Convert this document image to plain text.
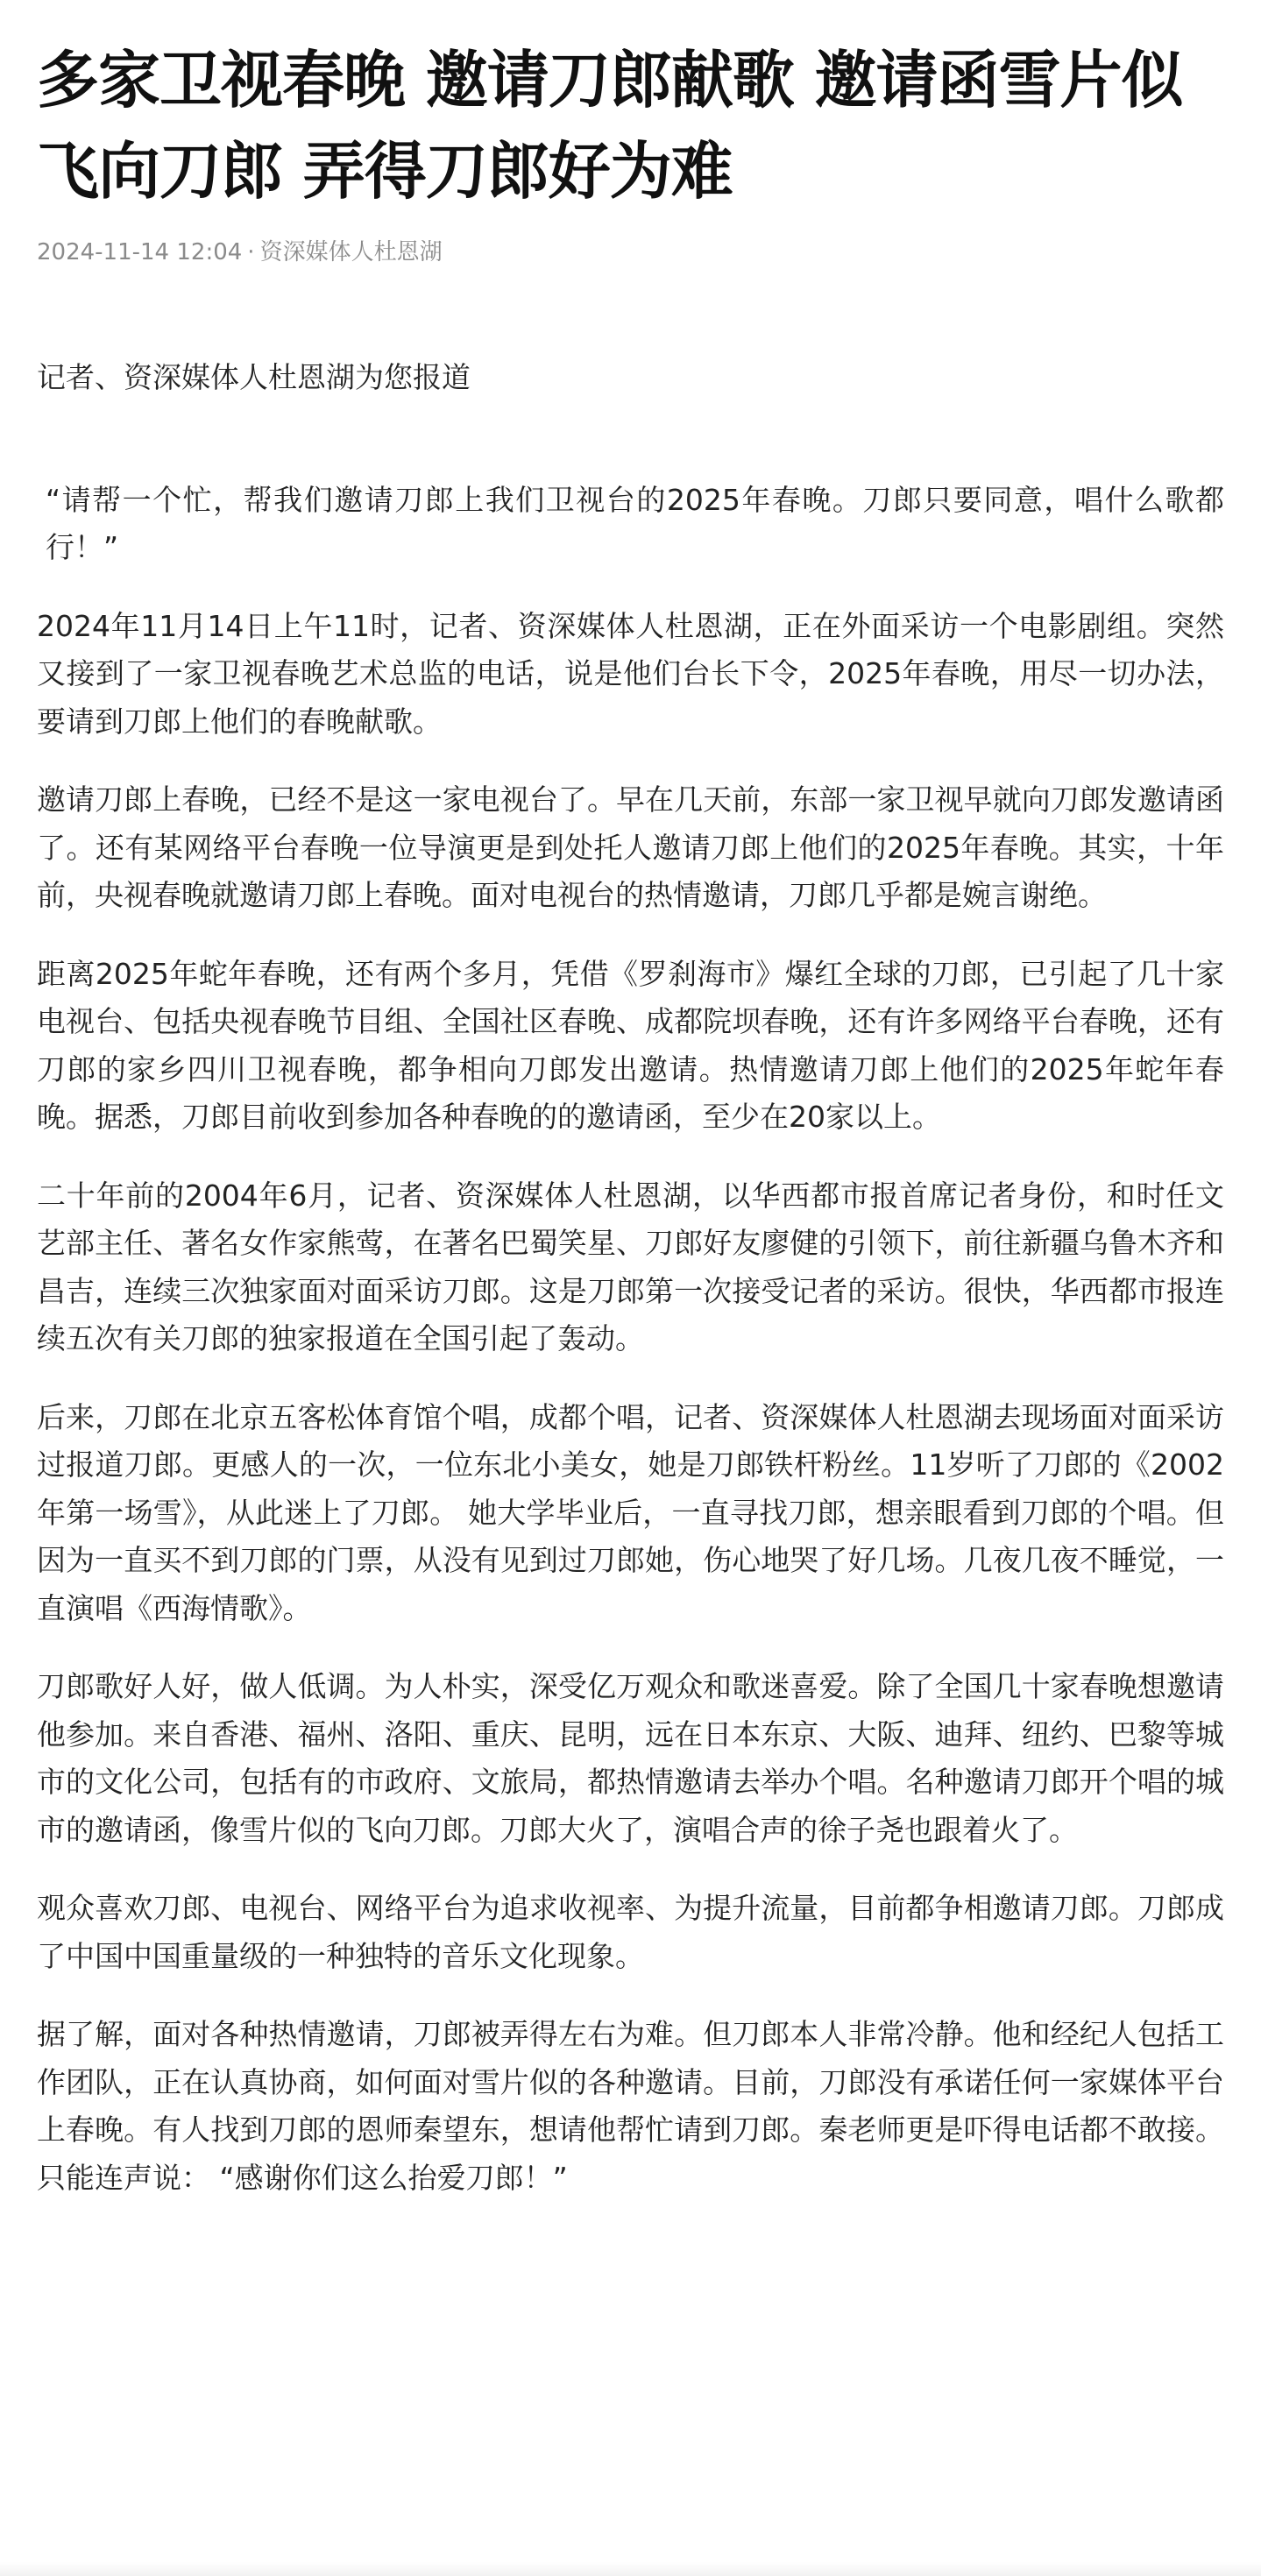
多家卫视春晚 邀请刀郎献歌 邀请函雪片似飞向刀郎 弄得刀郎好为难
2024-11-14 12:04 · 资深媒体人杜恩湖

记者、资深媒体人杜恩湖为您报道

“请帮一个忙，帮我们邀请刀郎上我们卫视台的2025年春晚。刀郎只要同意，唱什么歌都行！”

2024年11月14日上午11时，记者、资深媒体人杜恩湖，正在外面采访一个电影剧组。突然又接到了一家卫视春晚艺术总监的电话，说是他们台长下令，2025年春晚，用尽一切办法，要请到刀郎上他们的春晚献歌。

邀请刀郎上春晚，已经不是这一家电视台了。早在几天前，东部一家卫视早就向刀郎发邀请函了。还有某网络平台春晚一位导演更是到处托人邀请刀郎上他们的2025年春晚。其实，十年前，央视春晚就邀请刀郎上春晚。面对电视台的热情邀请，刀郎几乎都是婉言谢绝。

距离2025年蛇年春晚，还有两个多月，凭借《罗刹海市》爆红全球的刀郎，已引起了几十家电视台、包括央视春晚节目组、全国社区春晚、成都院坝春晚，还有许多网络平台春晚，还有刀郎的家乡四川卫视春晚，都争相向刀郎发出邀请。热情邀请刀郎上他们的2025年蛇年春晚。据悉，刀郎目前收到参加各种春晚的的邀请函，至少在20家以上。

二十年前的2004年6月，记者、资深媒体人杜恩湖，以华西都市报首席记者身份，和时任文艺部主任、著名女作家熊莺，在著名巴蜀笑星、刀郎好友廖健的引领下，前往新疆乌鲁木齐和昌吉，连续三次独家面对面采访刀郎。这是刀郎第一次接受记者的采访。很快，华西都市报连续五次有关刀郎的独家报道在全国引起了轰动。

后来，刀郎在北京五客松体育馆个唱，成都个唱，记者、资深媒体人杜恩湖去现场面对面采访过报道刀郎。更感人的一次，一位东北小美女，她是刀郎铁杆粉丝。11岁听了刀郎的《2002年第一场雪》，从此迷上了刀郎。 她大学毕业后，一直寻找刀郎，想亲眼看到刀郎的个唱。但因为一直买不到刀郎的门票，从没有见到过刀郎她，伤心地哭了好几场。几夜几夜不睡觉，一直演唱《西海情歌》。

刀郎歌好人好，做人低调。为人朴实，深受亿万观众和歌迷喜爱。除了全国几十家春晚想邀请他参加。来自香港、福州、洛阳、重庆、昆明，远在日本东京、大阪、迪拜、纽约、巴黎等城市的文化公司，包括有的市政府、文旅局，都热情邀请去举办个唱。名种邀请刀郎开个唱的城市的邀请函，像雪片似的飞向刀郎。刀郎大火了，演唱合声的徐子尧也跟着火了。

观众喜欢刀郎、电视台、网络平台为追求收视率、为提升流量，目前都争相邀请刀郎。刀郎成了中国中国重量级的一种独特的音乐文化现象。

据了解，面对各种热情邀请，刀郎被弄得左右为难。但刀郎本人非常冷静。他和经纪人包括工作团队，正在认真协商，如何面对雪片似的各种邀请。目前，刀郎没有承诺任何一家媒体平台上春晚。有人找到刀郎的恩师秦望东，想请他帮忙请到刀郎。秦老师更是吓得电话都不敢接。只能连声说： “感谢你们这么抬爱刀郎！”
